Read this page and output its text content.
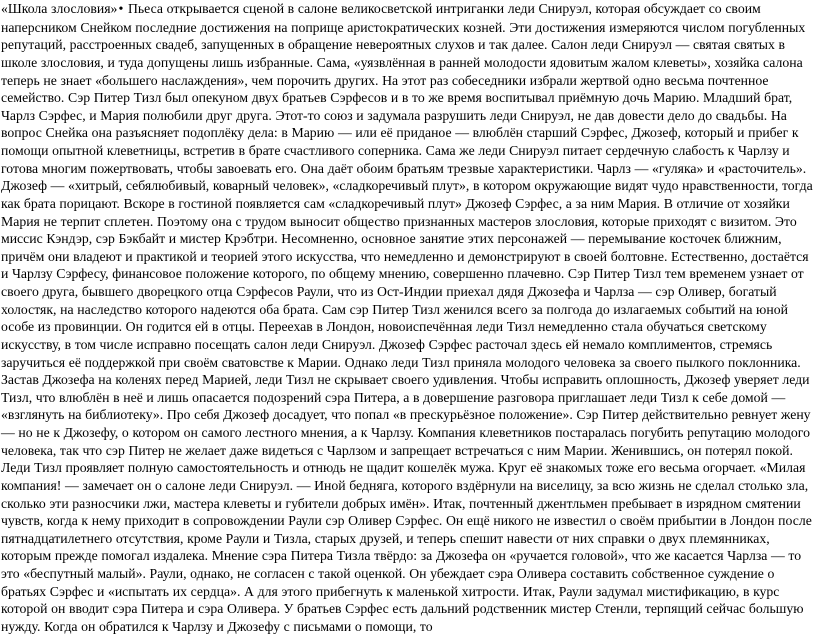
«Школа злословия»• Пьеса открывается сценой в салоне великосветской интриганки леди Снируэл, которая обсуждает со своим наперсником Снейком последние достижения на поприще аристократических козней. Эти достижения измеряются числом погубленных репутаций, расстроенных свадеб, запущенных в обращение невероятных слухов и так далее. Салон леди Снируэл — святая святых в школе злословия, и туда допущены лишь избранные. Сама, «уязвлённая в ранней молодости ядовитым жалом клеветы», хозяйка салона теперь не знает «большего наслаждения», чем порочить других. На этот раз собеседники избрали жертвой одно весьма почтенное семейство. Сэр Питер Тизл был опекуном двух братьев Сэрфесов и в то же время воспитывал приёмную дочь Марию. Младший брат, Чарлз Сэрфес, и Мария полюбили друг друга. Этот-то союз и задумала разрушить леди Снируэл, не дав довести дело до свадьбы. На вопрос Снейка она разъясняет подоплёку дела: в Марию — или её приданое — влюблён старший Сэрфес, Джозеф, который и прибег к помощи опытной клеветницы, встретив в брате счастливого соперника. Сама же леди Снируэл питает сердечную слабость к Чарлзу и готова многим пожертвовать, чтобы завоевать его. Она даёт обоим братьям трезвые характеристики. Чарлз — «гуляка» и «расточитель». Джозеф — «хитрый, себялюбивый, коварный человек», «сладкоречивый плут», в котором окружающие видят чудо нравственности, тогда как брата порицают. Вскоре в гостиной появляется сам «сладкоречивый плут» Джозеф Сэрфес, а за ним Мария. В отличие от хозяйки Мария не терпит сплетен. Поэтому она с трудом выносит общество признанных мастеров злословия, которые приходят с визитом. Это миссис Кэндэр, сэр Бэкбайт и мистер Крэбтри. Несомненно, основное занятие этих персонажей — перемывание косточек ближним, причём они владеют и практикой и теорией этого искусства, что немедленно и демонстрируют в своей болтовне. Естественно, достаётся и Чарлзу Сэрфесу, финансовое положение которого, по общему мнению, совершенно плачевно. Сэр Питер Тизл тем временем узнает от своего друга, бывшего дворецкого отца Сэрфесов Раули, что из Ост-Индии приехал дядя Джозефа и Чарлза — сэр Оливер, богатый холостяк, на наследство которого надеются оба брата. Сам сэр Питер Тизл женился всего за полгода до излагаемых событий на юной особе из провинции. Он годится ей в отцы. Переехав в Лондон, новоиспечённая леди Тизл немедленно стала обучаться светскому искусству, в том числе исправно посещать салон леди Снируэл. Джозеф Сэрфес расточал здесь ей немало комплиментов, стремясь заручиться её поддержкой при своём сватовстве к Марии. Однако леди Тизл приняла молодого человека за своего пылкого поклонника. Застав Джозефа на коленях перед Марией, леди Тизл не скрывает своего удивления. Чтобы исправить оплошность, Джозеф уверяет леди Тизл, что влюблён в неё и лишь опасается подозрений сэра Питера, а в довершение разговора приглашает леди Тизл к себе домой — «взглянуть на библиотеку». Про себя Джозеф досадует, что попал «в прескурьёзное положение». Сэр Питер действительно ревнует жену — но не к Джозефу, о котором он самого лестного мнения, а к Чарлзу. Компания клеветников постаралась погубить репутацию молодого человека, так что сэр Питер не желает даже видеться с Чарлзом и запрещает встречаться с ним Марии. Женившись, он потерял покой. Леди Тизл проявляет полную самостоятельность и отнюдь не щадит кошелёк мужа. Круг её знакомых тоже его весьма огорчает. «Милая компания! — замечает он о салоне леди Снируэл. — Иной бедняга, которого вздёрнули на виселицу, за всю жизнь не сделал столько зла, сколько эти разносчики лжи, мастера клеветы и губители добрых имён». Итак, почтенный джентльмен пребывает в изрядном смятении чувств, когда к нему приходит в сопровождении Раули сэр Оливер Сэрфес. Он ещё никого не известил о своём прибытии в Лондон после пятнадцатилетнего отсутствия, кроме Раули и Тизла, старых друзей, и теперь спешит навести от них справки о двух племянниках, которым прежде помогал издалека. Мнение сэра Питера Тизла твёрдо: за Джозефа он «ручается головой», что же касается Чарлза — то это «беспутный малый». Раули, однако, не согласен с такой оценкой. Он убеждает сэра Оливера составить собственное суждение о братьях Сэрфес и «испытать их сердца». А для этого прибегнуть к маленькой хитрости. Итак, Раули задумал мистификацию, в курс которой он вводит сэра Питера и сэра Оливера. У братьев Сэрфес есть дальний родственник мистер Стенли, терпящий сейчас большую нужду. Когда он обратился к Чарлзу и Джозефу с письмами о помощи, то
